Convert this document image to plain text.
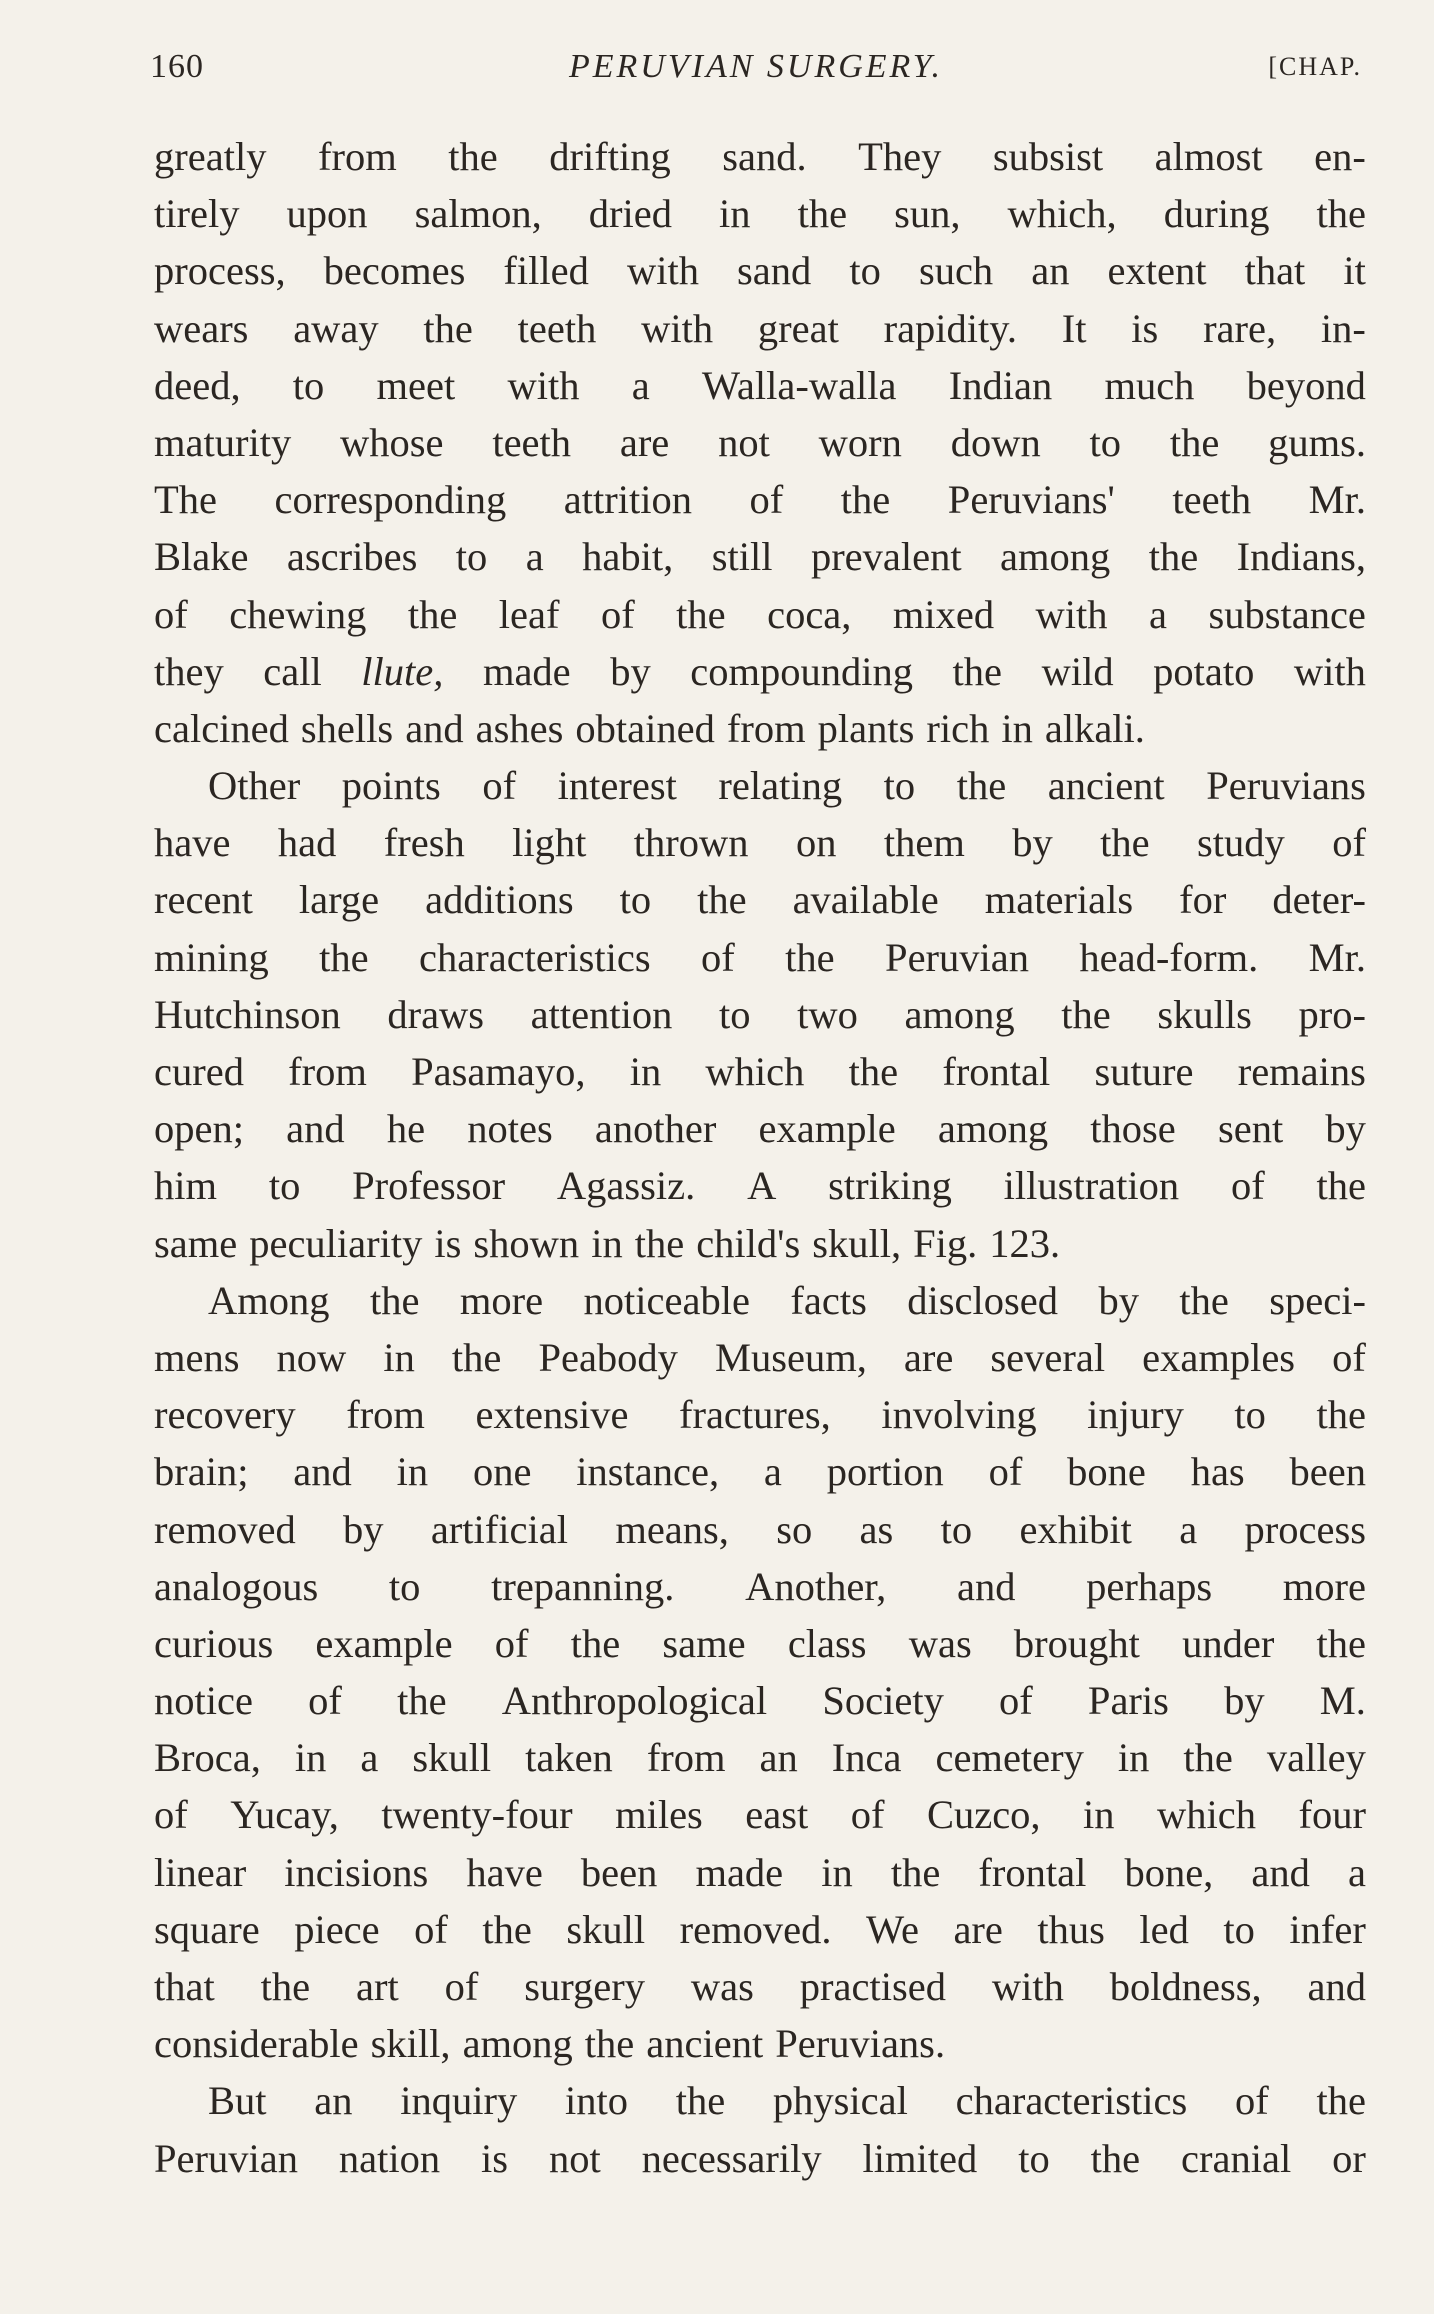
160	PERUVIAN SURGERY.	[CHAP.
greatly from the drifting sand. They subsist almost en-
tirely upon salmon, dried in the sun, which, during the
process, becomes filled with sand to such an extent that it
wears away the teeth with great rapidity. It is rare, in-
deed, to meet with a Walla-walla Indian much beyond
maturity whose teeth are not worn down to the gums.
The corresponding attrition of the Peruvians' teeth Mr.
Blake ascribes to a habit, still prevalent among the Indians,
of chewing the leaf of the coca, mixed with a substance
they call llute, made by compounding the wild potato with
calcined shells and ashes obtained from plants rich in alkali.
Other points of interest relating to the ancient Peruvians
have had fresh light thrown on them by the study of
recent large additions to the available materials for deter-
mining the characteristics of the Peruvian head-form. Mr.
Hutchinson draws attention to two among the skulls pro-
cured from Pasamayo, in which the frontal suture remains
open; and he notes another example among those sent by
him to Professor Agassiz. A striking illustration of the
same peculiarity is shown in the child's skull, Fig. 123.
Among the more noticeable facts disclosed by the speci-
mens now in the Peabody Museum, are several examples of
recovery from extensive fractures, involving injury to the
brain; and in one instance, a portion of bone has been
removed by artificial means, so as to exhibit a process
analogous to trepanning. Another, and perhaps more
curious example of the same class was brought under the
notice of the Anthropological Society of Paris by M.
Broca, in a skull taken from an Inca cemetery in the valley
of Yucay, twenty-four miles east of Cuzco, in which four
linear incisions have been made in the frontal bone, and a
square piece of the skull removed. We are thus led to infer
that the art of surgery was practised with boldness, and
considerable skill, among the ancient Peruvians.
But an inquiry into the physical characteristics of the
Peruvian nation is not necessarily limited to the cranial or
